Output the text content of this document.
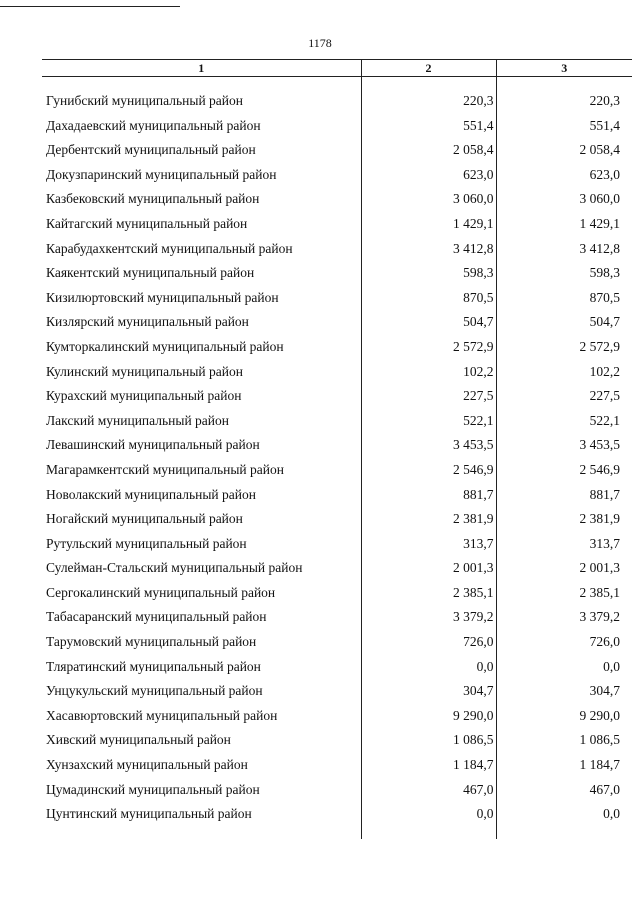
1178
1	2	3
Гунибский муниципальный район	220,3	220,3
Дахадаевский муниципальный район	551,4	551,4
Дербентский муниципальный район	2 058,4	2 058,4
Докузпаринский муниципальный район	623,0	623,0
Казбековский муниципальный район	3 060,0	3 060,0
Кайтагский муниципальный район	1 429,1	1 429,1
Карабудахкентский муниципальный район	3 412,8	3 412,8
Каякентский муниципальный район	598,3	598,3
Кизилюртовский муниципальный район	870,5	870,5
Кизлярский муниципальный район	504,7	504,7
Кумторкалинский муниципальный район	2 572,9	2 572,9
Кулинский муниципальный район	102,2	102,2
Курахский муниципальный район	227,5	227,5
Лакский муниципальный район	522,1	522,1
Левашинский муниципальный район	3 453,5	3 453,5
Магарамкентский муниципальный район	2 546,9	2 546,9
Новолакский муниципальный район	881,7	881,7
Ногайский муниципальный район	2 381,9	2 381,9
Рутульский муниципальный район	313,7	313,7
Сулейман-Стальский муниципальный район	2 001,3	2 001,3
Сергокалинский муниципальный район	2 385,1	2 385,1
Табасаранский муниципальный район	3 379,2	3 379,2
Тарумовский муниципальный район	726,0	726,0
Тляратинский муниципальный район	0,0	0,0
Унцукульский муниципальный район	304,7	304,7
Хасавюртовский муниципальный район	9 290,0	9 290,0
Хивский муниципальный район	1 086,5	1 086,5
Хунзахский муниципальный район	1 184,7	1 184,7
Цумадинский муниципальный район	467,0	467,0
Цунтинский муниципальный район	0,0	0,0
